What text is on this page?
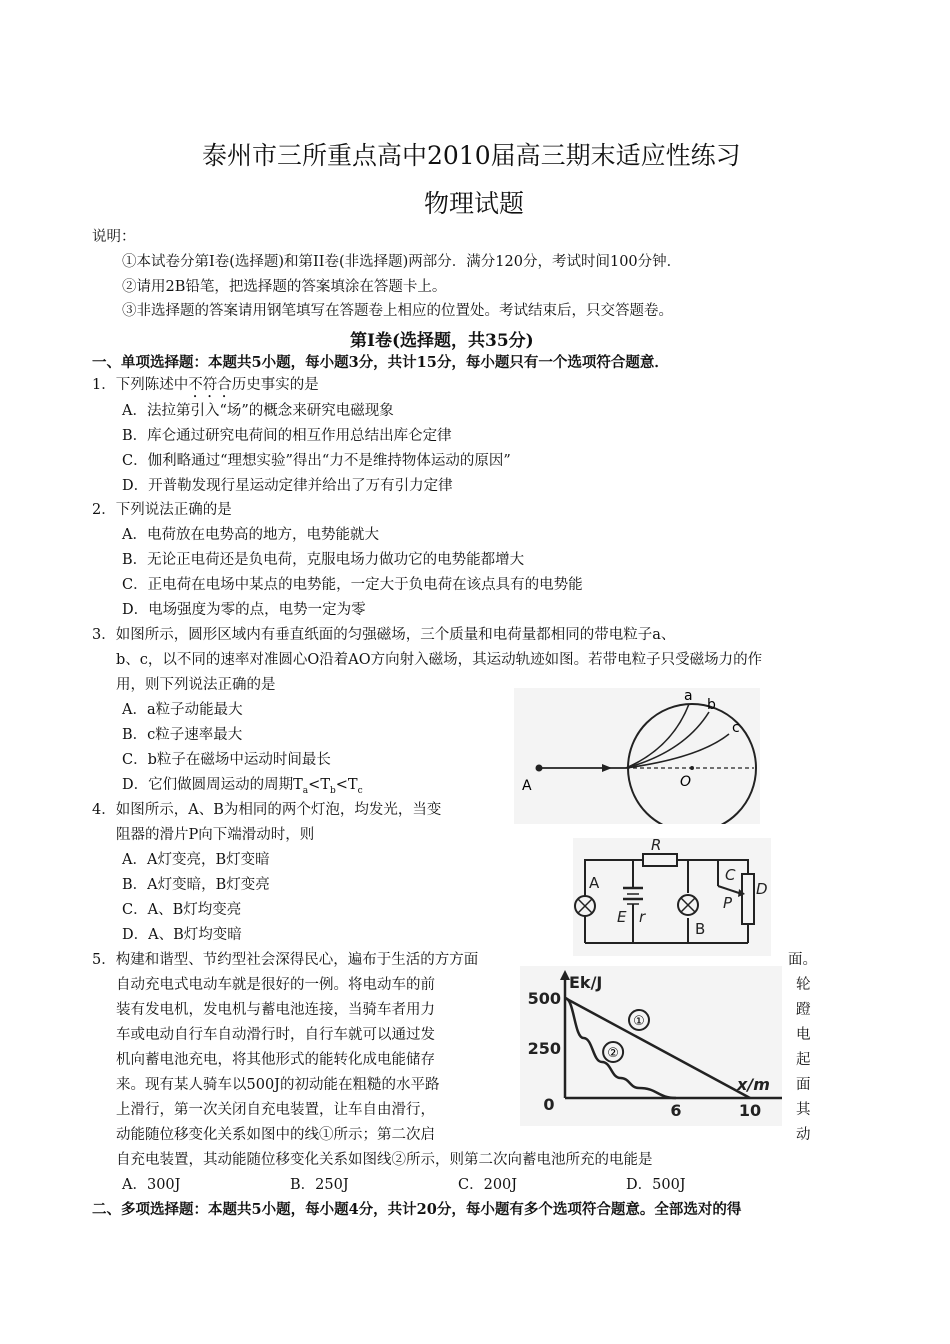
泰州市三所重点高中2010届高三期末适应性练习
物理试题
说明：
①本试卷分第I卷(选择题)和第II卷(非选择题)两部分．满分120分，考试时间100分钟．
②请用2B铅笔，把选择题的答案填涂在答题卡上。
③非选择题的答案请用钢笔填写在答题卷上相应的位置处。考试结束后，只交答题卷。
第I卷(选择题，共35分)
一、单项选择题：本题共5小题，每小题3分，共计15分，每小题只有一个选项符合题意．
1．下列陈述中不符合历史事实的是
A．法拉第引入“场”的概念来研究电磁现象
B．库仑通过研究电荷间的相互作用总结出库仑定律
C．伽利略通过“理想实验”得出“力不是维持物体运动的原因”
D．开普勒发现行星运动定律并给出了万有引力定律
2．下列说法正确的是
A．电荷放在电势高的地方，电势能就大
B．无论正电荷还是负电荷，克服电场力做功它的电势能都增大
C．正电荷在电场中某点的电势能，一定大于负电荷在该点具有的电势能
D．电场强度为零的点，电势一定为零
3．如图所示，圆形区域内有垂直纸面的匀强磁场，三个质量和电荷量都相同的带电粒子a、
b、c，以不同的速率对准圆心O沿着AO方向射入磁场，其运动轨迹如图。若带电粒子只受磁场力的作
用，则下列说法正确的是
A．a粒子动能最大
B．c粒子速率最大
C．b粒子在磁场中运动时间最长
D．它们做圆周运动的周期$T_a<T_b<T_c$
a
b
c
A	O
4．如图所示，A、B为相同的两个灯泡，均发光，当变
阻器的滑片P向下端滑动时，则
A．A灯变亮，B灯变暗
B．A灯变暗，B灯变亮
C．A、B灯均变亮
D．A、B灯均变暗
R
A
B
E r
C
P
D
5．构建和谐型、节约型社会深得民心，遍布于生活的方方面
自动充电式电动车就是很好的一例。将电动车的前
装有发电机，发电机与蓄电池连接，当骑车者用力
车或电动自行车自动滑行时，自行车就可以通过发
机向蓄电池充电，将其他形式的能转化成电能储存
来。现有某人骑车以500J的初动能在粗糙的水平路
上滑行，第一次关闭自充电装置，让车自由滑行，
动能随位移变化关系如图中的线①所示；第二次启
面。
轮
蹬
电
起
面
其
动
自充电装置，其动能随位移变化关系如图线②所示，则第二次向蓄电池所充的电能是
A．300J	B．250J	C．200J	D．500J
①
②
Ek/J
x/m
500
250
0	6	10
二、多项选择题：本题共5小题，每小题4分，共计20分，每小题有多个选项符合题意。全部选对的得
